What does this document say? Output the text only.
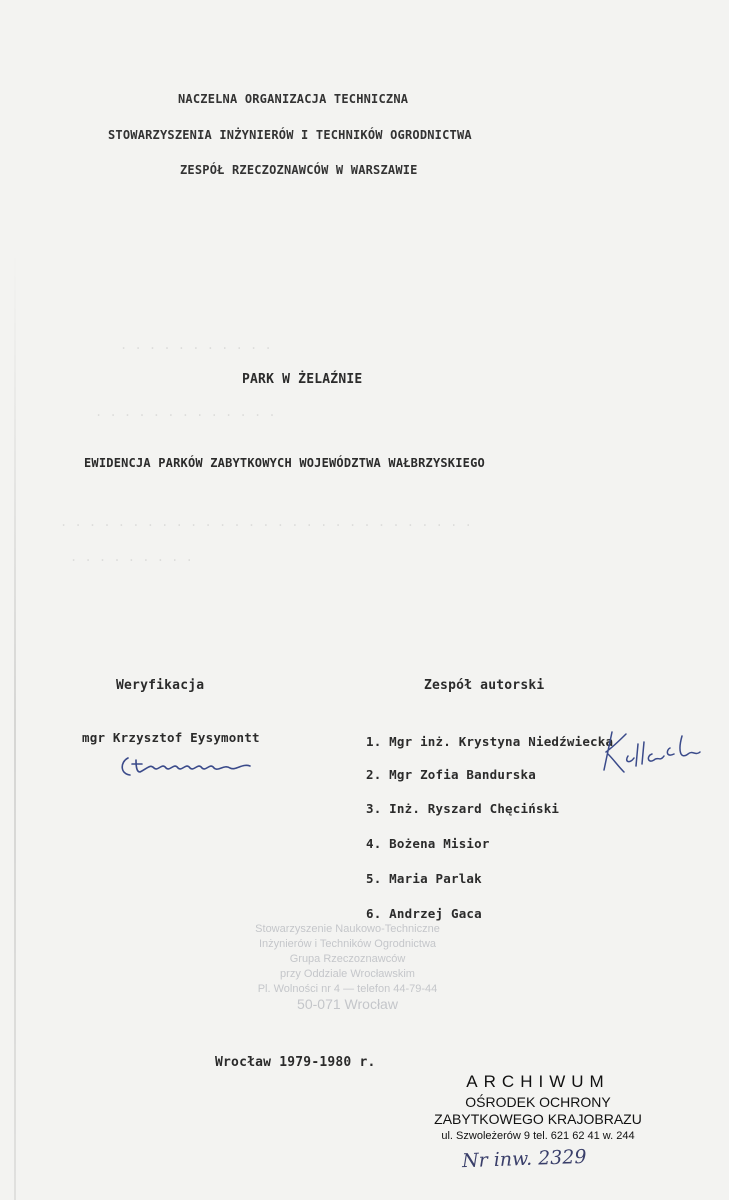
. . . . . . . . . . .
. . . . . . . . . . . . .
. . . . . . . . . . . . . . . . . . . . . . . . . . . . .
. . . . . . . . .
NACZELNA ORGANIZACJA TECHNICZNA
STOWARZYSZENIA INŻYNIERÓW I TECHNIKÓW OGRODNICTWA
ZESPÓŁ RZECZOZNAWCÓW W WARSZAWIE
PARK W ŻELAŹNIE
EWIDENCJA PARKÓW ZABYTKOWYCH WOJEWÓDZTWA WAŁBRZYSKIEGO
Weryfikacja
mgr Krzysztof Eysymontt
Zespół autorski
1. Mgr inż. Krystyna Niedźwiecka
2. Mgr Zofia Bandurska
3. Inż. Ryszard Chęciński
4. Bożena Misior
5. Maria Parlak
6. Andrzej Gaca
Stowarzyszenie Naukowo-Techniczne
Inżynierów i Techników Ogrodnictwa
Grupa Rzeczoznawców
przy Oddziale Wrocławskim
Pl. Wolności nr 4 — telefon 44-79-44
50-071 Wrocław
Wrocław 1979-1980 r.
ARCHIWUM
OŚRODEK OCHRONY
ZABYTKOWEGO KRAJOBRAZU
ul. Szwoleżerów 9 tel. 621 62 41 w. 244
Nr inw. 2329
